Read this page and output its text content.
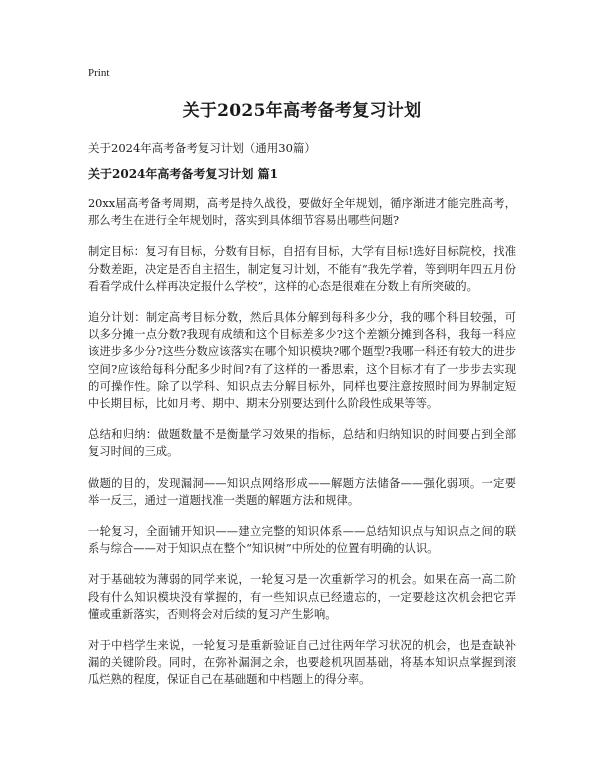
Print
关于2025年高考备考复习计划
关于2024年高考备考复习计划（通用30篇）
关于2024年高考备考复习计划 篇1

20xx届高考备考周期，高考是持久战役，要做好全年规划，循序渐进才能完胜高考，那么考生在进行全年规划时，落实到具体细节容易出哪些问题?

制定目标：复习有目标，分数有目标，自招有目标，大学有目标!选好目标院校，找准分数差距，决定是否自主招生，制定复习计划，不能有“我先学着，等到明年四五月份看看学成什么样再决定报什么学校”，这样的心态是很难在分数上有所突破的。

追分计划：制定高考目标分数，然后具体分解到每科多少分，我的哪个科目较强，可以多分摊一点分数?我现有成绩和这个目标差多少?这个差额分摊到各科，我每一科应该进步多少分?这些分数应该落实在哪个知识模块?哪个题型?我哪一科还有较大的进步空间?应该给每科分配多少时间?有了这样的一番思索，这个目标才有了一步步去实现的可操作性。除了以学科、知识点去分解目标外，同样也要注意按照时间为界制定短中长期目标，比如月考、期中、期末分别要达到什么阶段性成果等等。

总结和归纳：做题数量不是衡量学习效果的指标，总结和归纳知识的时间要占到全部复习时间的三成。

做题的目的，发现漏洞——知识点网络形成——解题方法储备——强化弱项。一定要举一反三，通过一道题找准一类题的解题方法和规律。

一轮复习，全面铺开知识——建立完整的知识体系——总结知识点与知识点之间的联系与综合——对于知识点在整个“知识树”中所处的位置有明确的认识。

对于基础较为薄弱的同学来说，一轮复习是一次重新学习的机会。如果在高一高二阶段有什么知识模块没有掌握的，有一些知识点已经遗忘的，一定要趁这次机会把它弄懂或重新落实，否则将会对后续的复习产生影响。

对于中档学生来说，一轮复习是重新验证自己过往两年学习状况的机会，也是查缺补漏的关键阶段。同时，在弥补漏洞之余，也要趁机巩固基础，将基本知识点掌握到滚瓜烂熟的程度，保证自己在基础题和中档题上的得分率。
